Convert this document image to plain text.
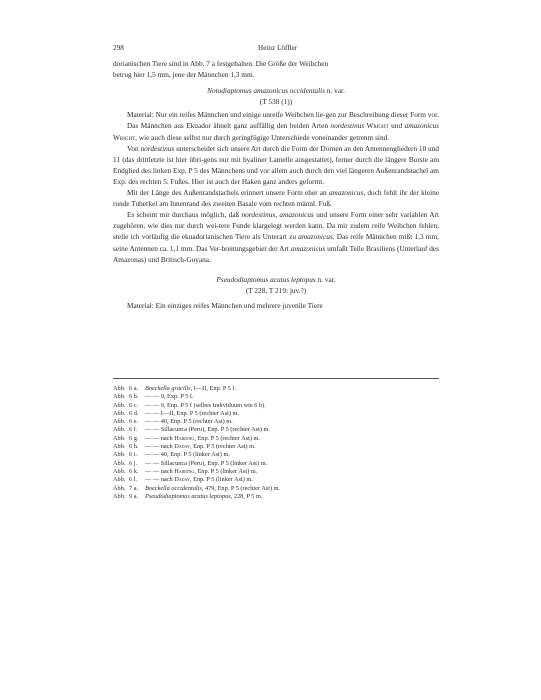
298	Heinz Löffler

dorianischen Tiere sind in Abb. 7 a festgehalten. Die Größe der Weibchen

betrug hier 1,5 mm, jene der Männchen 1,3 mm.

Notodiaptomus amazonicus occidentalis n. var.

(T 538 (1))

Material: Nur ein reifes Männchen und einige unreife Weibchen lie-gen zur Beschreibung dieser Form vor.

Das Männchen aus Ekuador ähnelt ganz auffällig den beiden Arten nordestinus Wright und amazonicus Wright, wie auch diese selbst nur durch geringfügige Unterschiede voneinander getrennt sind.

Von nordestinus unterscheidet sich unsere Art durch die Form der Dornen an den Antennengliedern 10 und 11 (das drittletzte ist hier übri-gens nur mit hyaliner Lamelle ausgestattet), ferner durch die längere Borste am Endglied des linken Exp. P 5 des Männchens und vor allem auch durch den viel längeren Außenrandstachel am Exp. des rechten 5. Fußes. Hier ist auch der Haken ganz anders geformt.

Mit der Länge des Außenrandstachels erinnert unsere Form eher an amazonicus, doch fehlt ihr der kleine runde Tuberkel am Innenrand des zweiten Basale vom rechten männl. Fuß.

Es scheint mir durchaus möglich, daß nordestinus, amazonicus und unsere Form einer sehr variablen Art zugehören, wie dies nur durch wei-tere Funde klargelegt werden kann. Da mir zudem reife Weibchen fehlen, stelle ich vorläufig die ekuadorianischen Tiere als Unterart zu amazonicus. Das reife Männchen mißt 1,3 mm, seine Antennen ca. 1,1 mm. Das Ver-breitungsgebiet der Art amazonicus umfaßt Teile Brasiliens (Unterlauf des Amazonas) und Britisch-Guyana.

Pseudodiaptomus acutus leptopus n. var.

(T 228, T 219: juv.?)

Material: Ein einziges reifes Männchen und mehrere juvenile Tiere

Abb. 6 a.	Boeckella gracilis, I—II, Enp. P 5 f.
Abb. 6 b.	— — 9, Exp. P 5 f.
Abb. 6 c.	— — 9, Enp. P 5 f (selbes Individuum wie 6 b).
Abb. 6 d.	— — I—II, Enp. P 5 (rechter Ast) m.
Abb. 6 e.	— — 40, Enp. P 5 (rechter Ast) m.
Abb. 6 f.	— — Sillacunca (Peru), Enp. P 5 (rechter Ast) m.
Abb. 6 g.	— — nach Harding, Enp. P 5 (rechter Ast) m.
Abb. 6 h.	— — nach Daday, Enp. P 5 (rechter Ast) m.
Abb. 6 i.	— — 40, Enp. P 5 (linker Ast) m.
Abb. 6 j.	— — Sillacunca (Peru), Enp. P 5 (linker Ast) m.
Abb. 6 k.	— — nach Harding, Enp. P 5 (linker Ast) m.
Abb. 6 l.	— — nach Daday, Enp. P 5 (linker Ast) m.
Abb. 7 a.	Boeckella occidentalis, 479, Enp. P 5 (rechter Ast) m.
Abb. 9 a.	Pseudodiaptomus acutus leptopus, 228, P 5 m.
